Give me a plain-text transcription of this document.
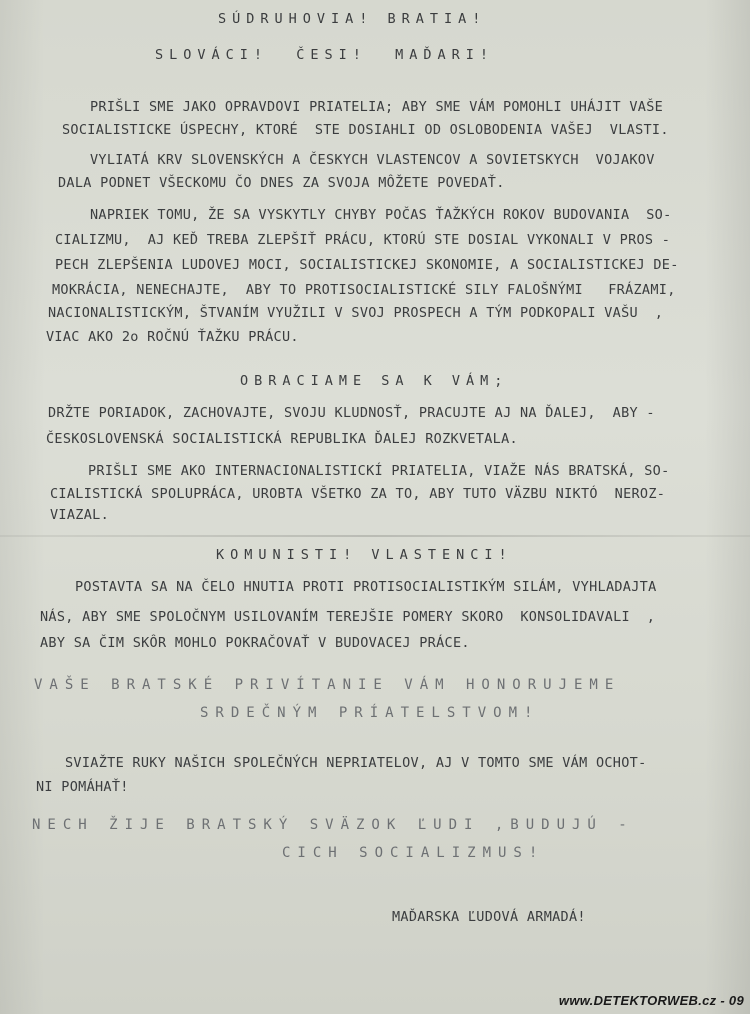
SÚDRUHOVIA! BRATIA!
SLOVÁCI!  ČESI!  MAĎARI!
PRIŠLI SME JAKO OPRAVDOVI PRIATELIA; ABY SME VÁM POMOHLI UHÁJIT VAŠE
SOCIALISTICKE ÚSPECHY, KTORÉ  STE DOSIAHLI OD OSLOBODENIA VAŠEJ  VLASTI.
VYLIATÁ KRV SLOVENSKÝCH A ČESKYCH VLASTENCOV A SOVIETSKYCH  VOJAKOV
DALA PODNET VŠECKOMU ČO DNES ZA SVOJA MÔŽETE POVEDAŤ.
NAPRIEK TOMU, ŽE SA VYSKYTLY CHYBY POČAS ŤAŽKÝCH ROKOV BUDOVANIA  SO-
CIALIZMU,  AJ KEĎ TREBA ZLEPŠIŤ PRÁCU, KTORÚ STE DOSIAL VYKONALI V PROS -
PECH ZLEPŠENIA LUDOVEJ MOCI, SOCIALISTICKEJ SKONOMIE, A SOCIALISTICKEJ DE-
MOKRÁCIA, NENECHAJTE,  ABY TO PROTISOCIALISTICKÉ SILY FALOŠNÝMI   FRÁZAMI,
NACIONALISTICKÝM, ŠTVANÍM VYUŽILI V SVOJ PROSPECH A TÝM PODKOPALI VAŠU  ,
VIAC AKO 2o ROČNÚ ŤAŽKU PRÁCU.
OBRACIAME SA K VÁM;
DRŽTE PORIADOK, ZACHOVAJTE, SVOJU KLUDNOSŤ, PRACUJTE AJ NA ĎALEJ,  ABY -
ČESKOSLOVENSKÁ SOCIALISTICKÁ REPUBLIKA ĎALEJ ROZKVETALA.
PRIŠLI SME AKO INTERNACIONALISTICKÍ PRIATELIA, VIAŽE NÁS BRATSKÁ, SO-
CIALISTICKÁ SPOLUPRÁCA, UROBTA VŠETKO ZA TO, ABY TUTO VÄZBU NIKTÓ  NEROZ-
VIAZAL.
KOMUNISTI! VLASTENCI!
POSTAVTA SA NA ČELO HNUTIA PROTI PROTISOCIALISTIKÝM SILÁM, VYHLADAJTA
NÁS, ABY SME SPOLOČNYM USILOVANÍM TEREJŠIE POMERY SKORO  KONSOLIDAVALI  ,
ABY SA ČIM SKÔR MOHLO POKRAČOVAŤ V BUDOVACEJ PRÁCE.
VAŠE BRATSKÉ PRIVÍTANIE VÁM HONORUJEME
SRDEČNÝM PRÍATELSTVOM!
SVIAŽTE RUKY NAŠICH SPOLEČNÝCH NEPRIATELOV, AJ V TOMTO SME VÁM OCHOT-
NI POMÁHAŤ!
NECH ŽIJE BRATSKÝ SVÄZOK ĽUDI ,BUDUJÚ -
CICH SOCIALIZMUS!
MAĎARSKA ĽUDOVÁ ARMADÁ!
www.DETEKTORWEB.cz - 09
